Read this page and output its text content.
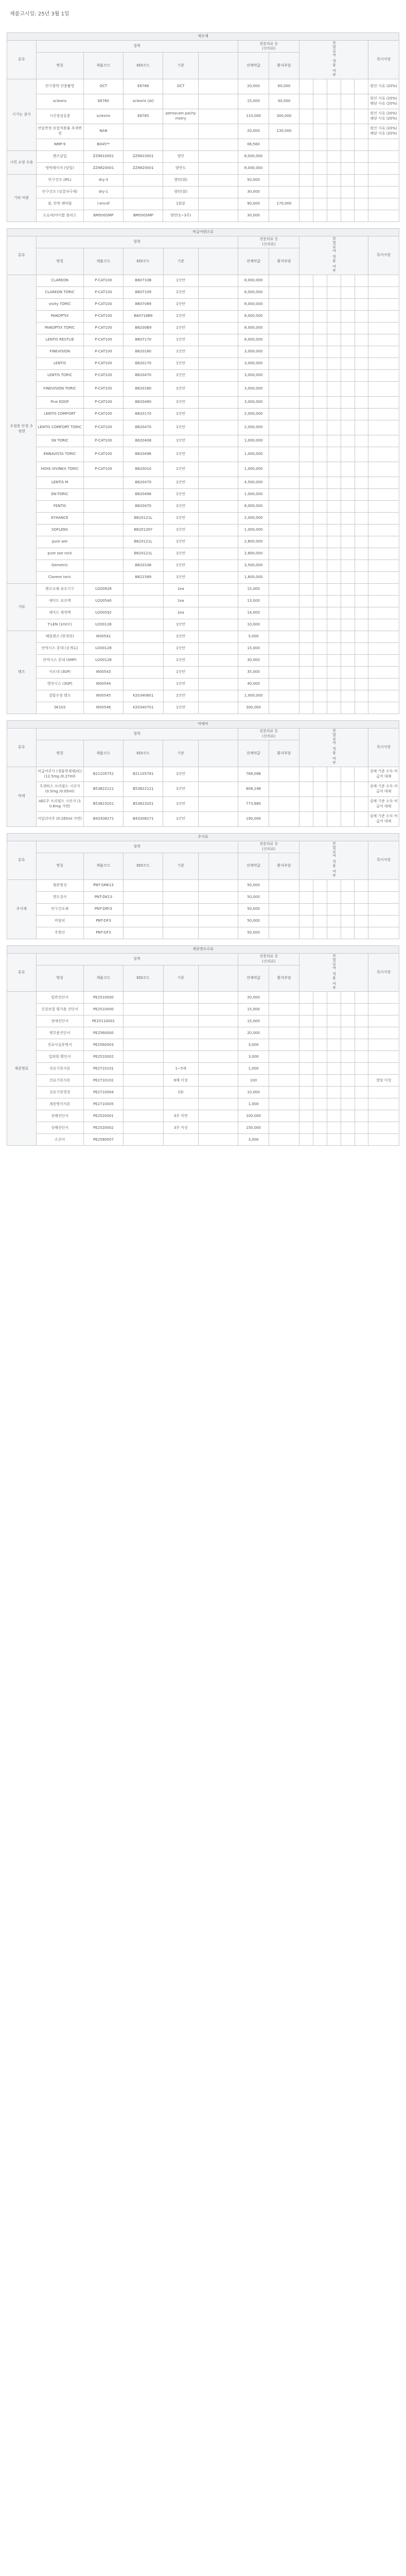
제품고시일: 25년 3월 1일
제조재													
분류	항목					전문의료 등
(신의료)		보험급여 적용 여부					특이사항
	명칭	제품코드	EDI코드	기준		전체약값	환자부담						
시기능 검사	안구광학 단층촬영	OCT	E6786	OCT		20,000	60,000						원인 사유 (20%)
	scleoris	E6780	scleoris (AI)			15,000	40,000						원인 사유 (20%) 해당 사유 (20%)
	시신경섬유층	scleoris	E6785	pentacam pachymetry		110,000	300,000						원인 사유 (20%) 해당 사유 (20%)
	안압측정 보험적용률 추세변경	NAN				20,000	130,000						원인 사유 (20%) 해당 사유 (20%)
	NMP-9	B045**				08,560							
시력 교정 수술	렌즈삽입	ZZ9810001	ZZ9810001	양안		8,000,000							
	망막레이저 (당일)	ZZ9820001	ZZ9820001	양안도		8,000,000							
기타 비용	안구건조 (IPL)	dry-3		양안(회)		50,000							
	안구건조 (검결자극제)	dry-1		양안(회)		30,000							
	점, 안면 해약물	l-encof		1회분		90,000	170,000						
	드로퍼/아이봄 플러스	BM500SMP	BM500SMP	양안(1~3주)		30,000							
비급여렌즈류													
분류	항목					전문의료 등
(신의료)		보험급여 적용 여부					특이사항
	명칭	제품코드	EDI코드	기준		전체약값	환자부담						
조절용 안경 수정렌	CLAREON	P-CAT100	B60710B	1단안		8,000,000							
	CLAREON TORIC	P-CAT100	B607109	1단안		8,000,000							
	vivity TORIC	P-CAT100	B607089	1단안		8,000,000							
	PANOPTIX	P-CAT100	B60718B9	1단안		8,000,000							
	PANOPTIX TORIC	P-CAT100	B6200B9	1단안		8,000,000							
	LENTIS RESTLIE	P-CAT100	B607170	1단안		8,000,000							
	FINEVISION	P-CAT100	B620180	1단안		3,000,000							
	LENTIS	P-CAT100	B620170	1단안		3,000,000							
	LENTIS TORIC	P-CAT100	B620470	1단안		3,000,000							
	FINEVISION TORIC	P-CAT100	B620180	1단안		3,000,000							
	Fine EDOF	P-CAT100	B620480	1단안		3,000,000							
	LENTIS COMFORT	P-CAT100	B620170	1단안		2,000,000							
	LENTIS COMFORT TORIC	P-CAT100	B620470	1단안		2,000,000							
	SN TORIC	P-CAT100	B620408	1단안		1,000,000							
	ENNAVISTA TORIC	P-CAT100	B620496	1단안		1,000,000							
	HOYA VIVINEX TORIC	P-CAT100	B620010	1단안		1,000,000							
	LENTIS M		B620470	1단안		4,500,000							
	EN-TORIC		B620498	1단안		1,000,000							
	FENTIS		B620470	1단안		8,000,000							
	EYHANCE		B620121L	1단안		2,000,000							
	SOFLENS		B620130Y	1단안		1,000,000							
	pure see		B620121L	1단안		2,800,000							
	pure see rock		B620121L	1단안		2,800,000							
	Gemetric		B620108	1단안		3,500,000							
	Clareon toric		B621589	1단안		1,600,000							
기타	렌즈교체 보조기구	U200928		1ea		15,000							
	새미드 보조액	U200540		1ea		13,000							
	새미드 세척액	U200592		1ea		14,000							
	T-LEN (1ml모)	U200128		1단안		10,000							
렌즈	혜릴렌즈 (한개전)	I600541		1단안		5,000							
	안약시스 롯데 (공개로)	U200128		1단안		15,000							
	안약시스 롯데 (SMP)	U200128		1단안		30,000							
	사모네 (3GP)	I600543		1단안		35,000							
	렌치시스 (3GP)	I600544		1단안		40,000							
	결합수정 렌즈	I600545	K20340601	1단안		1,000,000							
	SK103	I600546	K20340701	1단안		300,000							
약제비													
분류	항목					전문의료 등
(신의료)		보험급여 적용 여부					특이사항
	명칭	제품코드	EDI코드	기준		전체약값	환자부담						
약제	비급여주사 (생물학제제)(C)(12.5mg /0.27ml)	B21105751	B21105781	1단안		768,098							검체 기준 소득 비급여 대체
	루센티스 프리필드 시린지 (0.5mg /0.05ml)	B53822121	B53822121	1단안		808,198							검체 기준 소득 비급여 대체
	AEC주 프리필드 시린지 (10.8mg 가면)	B53823201	B53823201	1단안		773,880							검체 기준 소득 비급여 대체
	아일리아주 (0.165ml 가면)	B43308271	B43308271	1단안		190,000							검체 기준 소득 비급여 대체
주사료													
분류	항목					전문의료 등
(신의료)		보험급여 적용 여부					특이사항
	명칭	제품코드	EDI코드	기준		전체약값	환자부담						
주사제	혈관형성	PNT-SMK13				50,000							
	영도강사	PNT-DK13				50,000							
	안구건조제	PNT-DRY3				50,000							
	비염치	PNT-DF3				50,000							
	주봉단	PNT-DF3				50,000							
제증명수수료													
분류	항목					전문의료 등
(신의료)		보험급여 적용 여부					특이사항
	명칭	제품코드	EDI코드	기준		전체약값	환자부담						
제증명료	일반진단서	PE2510000				20,000							
	건강보험 평가용 진단서	PE2510000				15,000							
	장애진단서	PE25110001				15,000							
	병무용진단서	PE2560000				20,000							
	진료사실증명서	PE2560003				3,000							
	입퇴원 확인서	PE2510002				3,000							
	진료기록사본	PE2710101		1~5매		1,000							
	진료기록사본	PE2710102		6매 이상		100							장당 이상
	진료기록영상	PE2710004		CD		10,000							
	제증명서사본	PE2710005				1,000							
	상해진단서	PE2520001		3주 미만		100,000							
	상해진단서	PE2520002		3주 이상		150,000							
	소견서	PE2580007				3,000							
